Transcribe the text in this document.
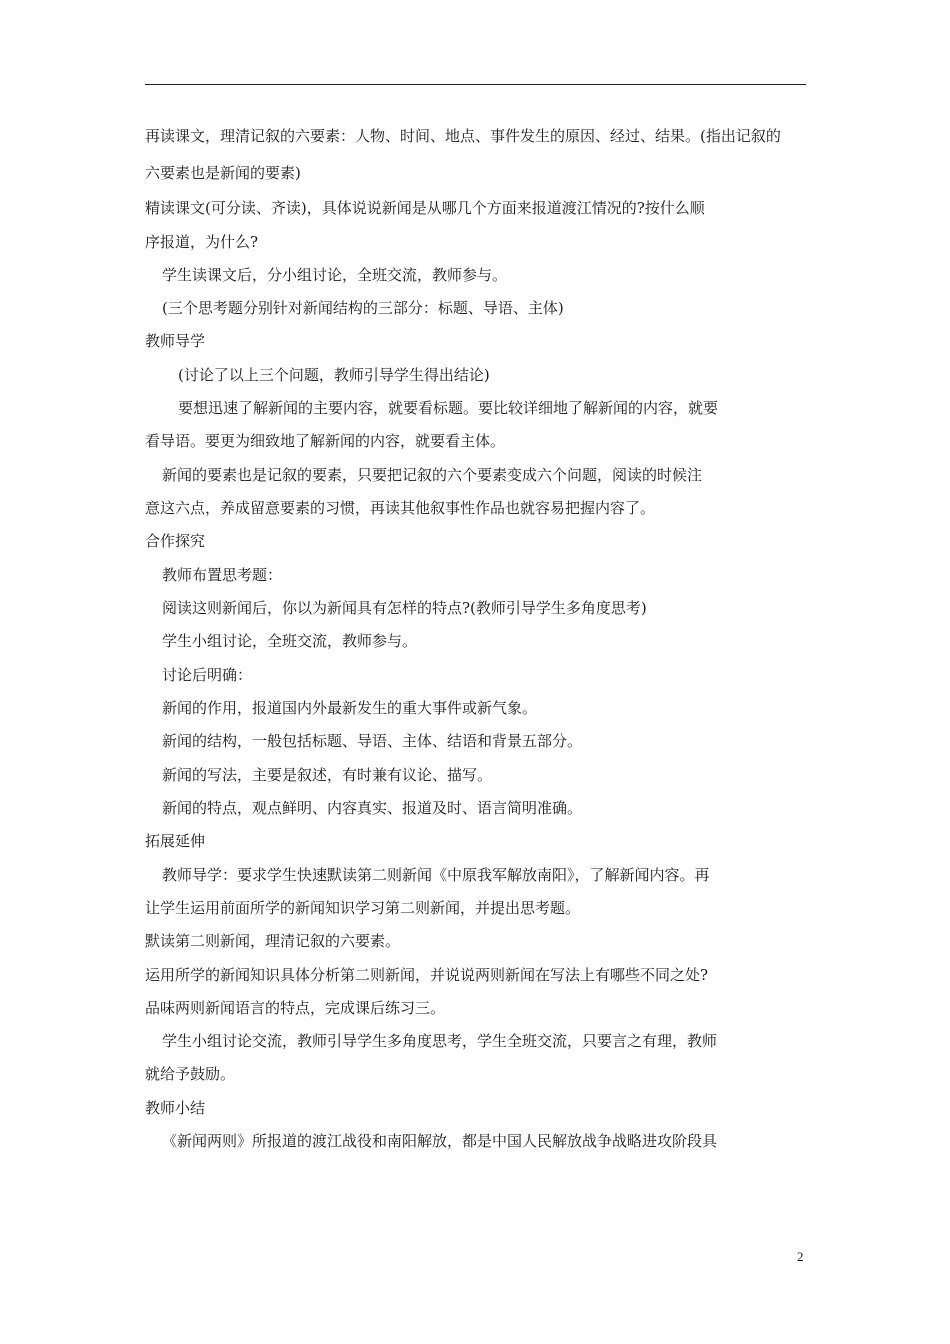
再读课文，理清记叙的六要素：人物、时间、地点、事件发生的原因、经过、结果。(指出记叙的
六要素也是新闻的要素)
精读课文(可分读、齐读)，具体说说新闻是从哪几个方面来报道渡江情况的?按什么顺
序报道，为什么?
学生读课文后，分小组讨论，全班交流，教师参与。
(三个思考题分别针对新闻结构的三部分：标题、导语、主体)
教师导学
(讨论了以上三个问题，教师引导学生得出结论)
要想迅速了解新闻的主要内容，就要看标题。要比较详细地了解新闻的内容，就要
看导语。要更为细致地了解新闻的内容，就要看主体。
新闻的要素也是记叙的要素，只要把记叙的六个要素变成六个问题，阅读的时候注
意这六点，养成留意要素的习惯，再读其他叙事性作品也就容易把握内容了。
合作探究
教师布置思考题：
阅读这则新闻后，你以为新闻具有怎样的特点?(教师引导学生多角度思考)
学生小组讨论，全班交流，教师参与。
讨论后明确：
新闻的作用，报道国内外最新发生的重大事件或新气象。
新闻的结构，一般包括标题、导语、主体、结语和背景五部分。
新闻的写法，主要是叙述，有时兼有议论、描写。
新闻的特点，观点鲜明、内容真实、报道及时、语言简明准确。
拓展延伸
教师导学：要求学生快速默读第二则新闻《中原我军解放南阳》，了解新闻内容。再
让学生运用前面所学的新闻知识学习第二则新闻，并提出思考题。
默读第二则新闻，理清记叙的六要素。
运用所学的新闻知识具体分析第二则新闻，并说说两则新闻在写法上有哪些不同之处?
品味两则新闻语言的特点，完成课后练习三。
学生小组讨论交流，教师引导学生多角度思考，学生全班交流，只要言之有理，教师
就给予鼓励。
教师小结
《新闻两则》所报道的渡江战役和南阳解放，都是中国人民解放战争战略进攻阶段具
2
